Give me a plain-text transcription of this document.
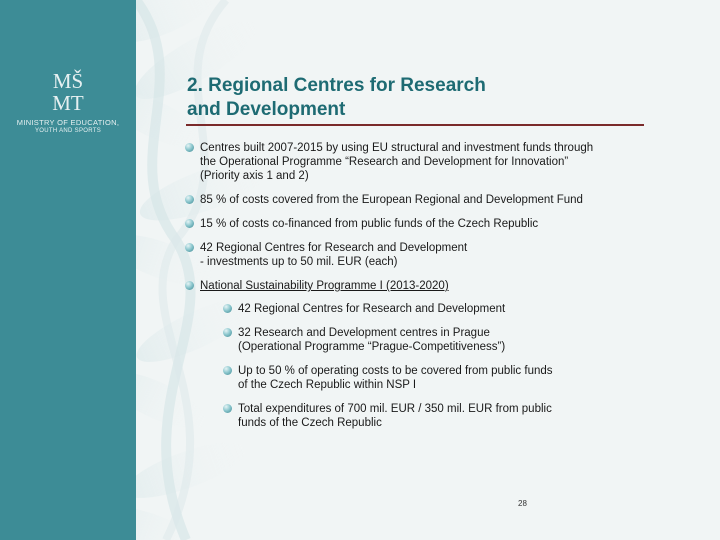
MŠ
MT
MINISTRY OF EDUCATION,
YOUTH AND SPORTS
2. Regional Centres for Research
and Development
Centres built 2007-2015 by using EU structural and investment funds through
the Operational Programme “Research and Development for Innovation”
(Priority axis 1 and 2)
85 % of costs covered from the European Regional and Development Fund
15 % of costs co-financed from public funds of the Czech Republic
42 Regional Centres for Research and Development
- investments up to 50 mil. EUR (each)
National Sustainability Programme I (2013-2020)
42 Regional Centres for Research and Development
32 Research and Development centres in Prague
(Operational Programme “Prague-Competitiveness”)
Up to 50 % of operating costs to be covered from public funds
of the Czech Republic within NSP I
Total expenditures of 700 mil. EUR / 350 mil. EUR from public
funds of the Czech Republic
28
